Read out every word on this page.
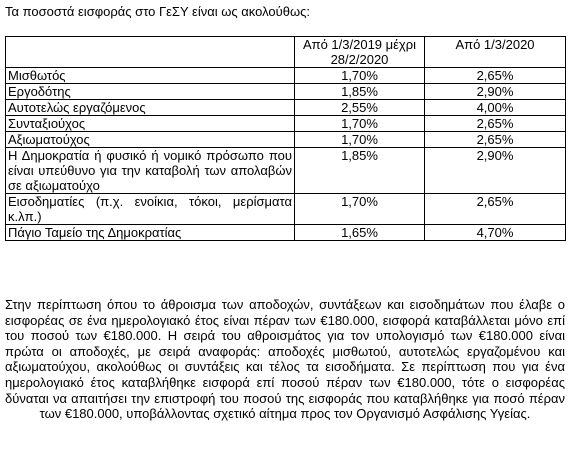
Τα ποσοστά εισφοράς στο ΓεΣΥ είναι ως ακολούθως:
	Από 1/3/2019 μέχρι 28/2/2020	Από 1/3/2020
Μισθωτός	1,70%	2,65%
Εργοδότης	1,85%	2,90%
Αυτοτελώς εργαζόμενος	2,55%	4,00%
Συνταξιούχος	1,70%	2,65%
Αξιωματούχος	1,70%	2,65%
Η Δημοκρατία ή φυσικό ή νομικό πρόσωπο που είναι υπεύθυνο για την καταβολή των απολαβών σε αξιωματούχο	1,85%	2,90%
Εισοδηματίες (π.χ. ενοίκια, τόκοι, μερίσματα κ.λπ.)	1,70%	2,65%
Πάγιο Ταμείο της Δημοκρατίας	1,65%	4,70%
Στην περίπτωση όπου το άθροισμα των αποδοχών, συντάξεων και εισοδημάτων που έλαβε ο εισφορέας σε ένα ημερολογιακό έτος είναι πέραν των €180.000, εισφορά καταβάλλεται μόνο επί του ποσού των €180.000. Η σειρά του αθροισμάτος για τον υπολογισμό των €180.000 είναι πρώτα οι αποδοχές, με σειρά αναφοράς: αποδοχές μισθωτού, αυτοτελώς εργαζομένου και αξιωματούχου, ακολούθως οι συντάξεις και τέλος τα εισοδήματα. Σε περίπτωση που για ένα ημερολογιακό έτος καταβλήθηκε εισφορά επί ποσού πέραν των €180.000, τότε ο εισφορέας δύναται να απαιτήσει την επιστροφή του ποσού της εισφοράς που καταβλήθηκε για ποσό πέραν των €180.000, υποβάλλοντας σχετικό αίτημα προς τον Οργανισμό Ασφάλισης Υγείας.
